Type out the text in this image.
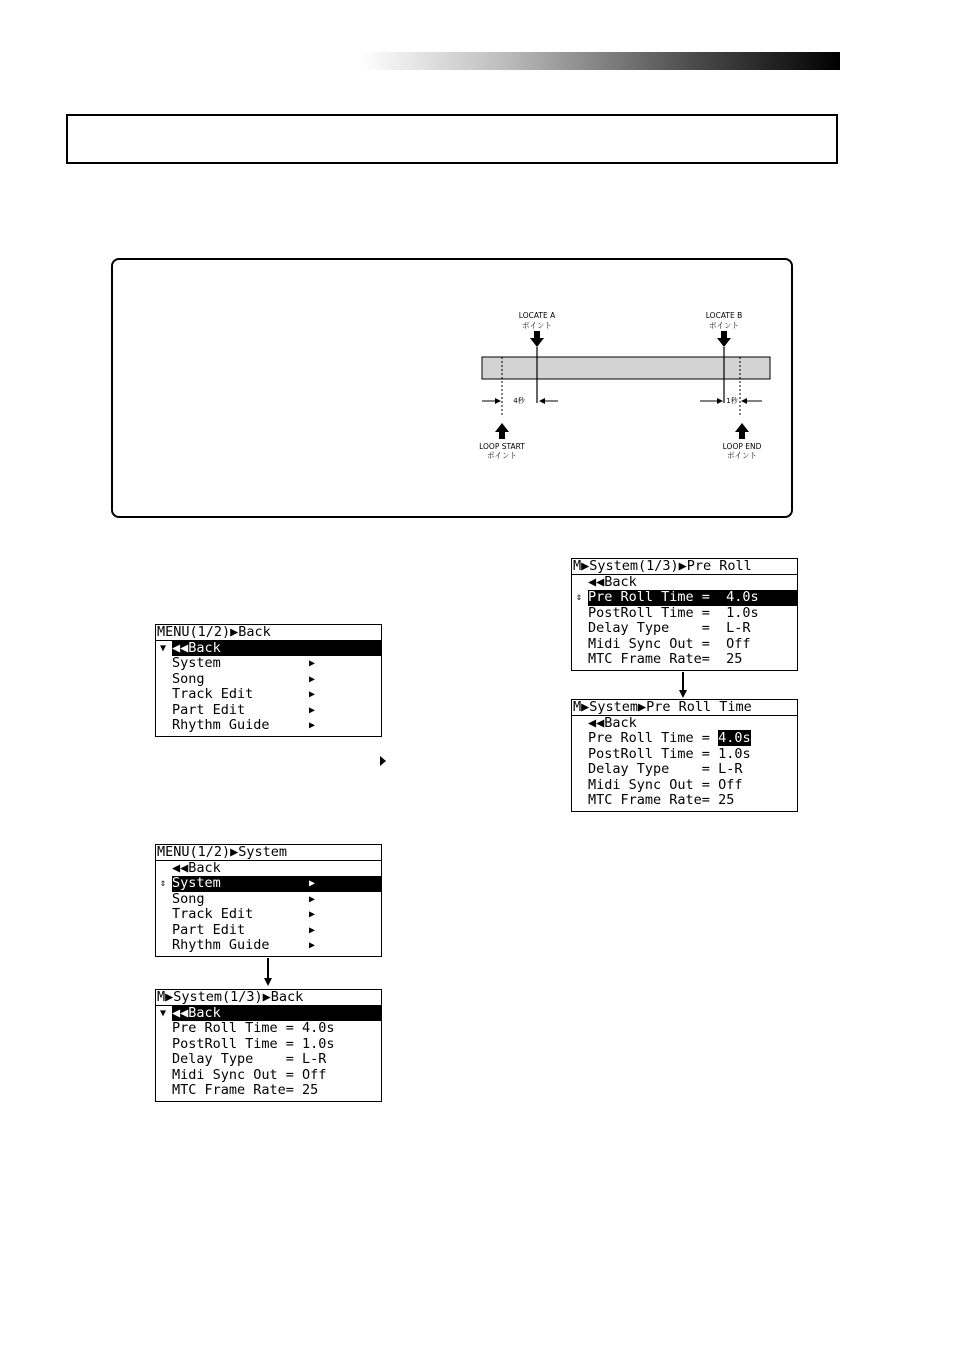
LOCATE A
ポイント
LOCATE B
ポイント
4秒	1秒
LOOP START
ポイント
LOOP END
ポイント
MENU(1/2)▶Back
▼ ◀◀Back
System	▶
Song	▶
Track Edit	▶
Part Edit	▶
Rhythm Guide	▶
MENU(1/2)▶System
◀◀Back
⇕ System	▶
Song	▶
Track Edit	▶
Part Edit	▶
Rhythm Guide	▶
M▶System(1/3)▶Back
▼ ◀◀Back
Pre Roll Time = 4.0s
PostRoll Time = 1.0s
Delay Type    = L-R
Midi Sync Out = Off
MTC Frame Rate= 25
M▶System(1/3)▶Pre Roll
◀◀Back
⇕ Pre Roll Time =  4.0s
PostRoll Time =  1.0s
Delay Type    =  L-R
Midi Sync Out =  Off
MTC Frame Rate=  25
M▶System▶Pre Roll Time
◀◀Back
Pre Roll Time = 4.0s
PostRoll Time = 1.0s
Delay Type    = L-R
Midi Sync Out = Off
MTC Frame Rate= 25
